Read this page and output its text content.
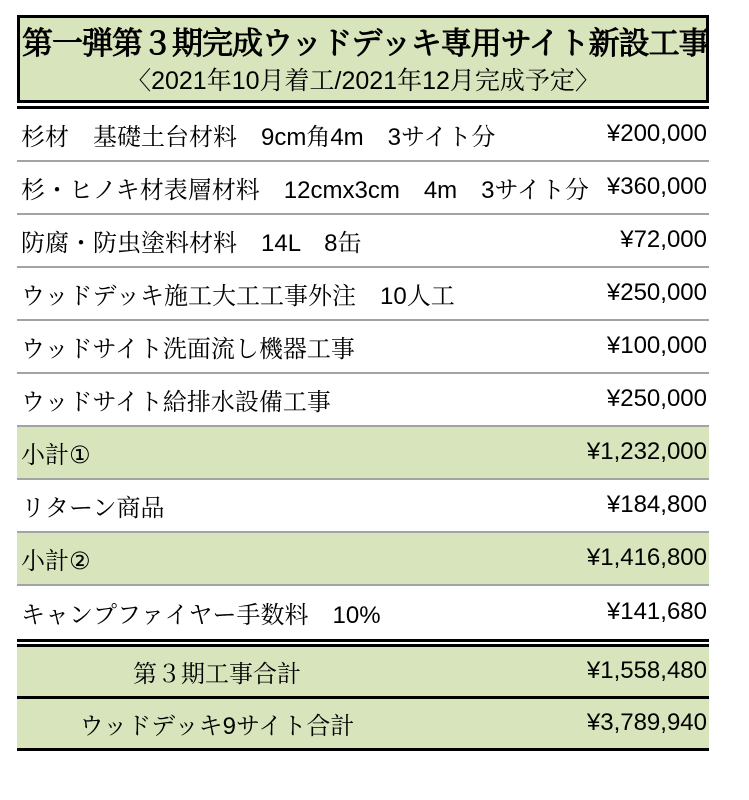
第一弾第３期完成ウッドデッキ専用サイト新設工事
〈2021年10月着工/2021年12月完成予定〉
杉材　基礎土台材料　9cm角4m　3サイト分	¥200,000
杉・ヒノキ材表層材料　12cmx3cm　4m　3サイト分 ¥360,000
防腐・防虫塗料材料　14L　8缶	¥72,000
ウッドデッキ施工大工工事外注　10人工	¥250,000
ウッドサイト洗面流し機器工事	¥100,000
ウッドサイト給排水設備工事	¥250,000
小計①	¥1,232,000
リターン商品	¥184,800
小計②	¥1,416,800
キャンプファイヤー手数料　10%	¥141,680
第３期工事合計	¥1,558,480
ウッドデッキ9サイト合計	¥3,789,940
